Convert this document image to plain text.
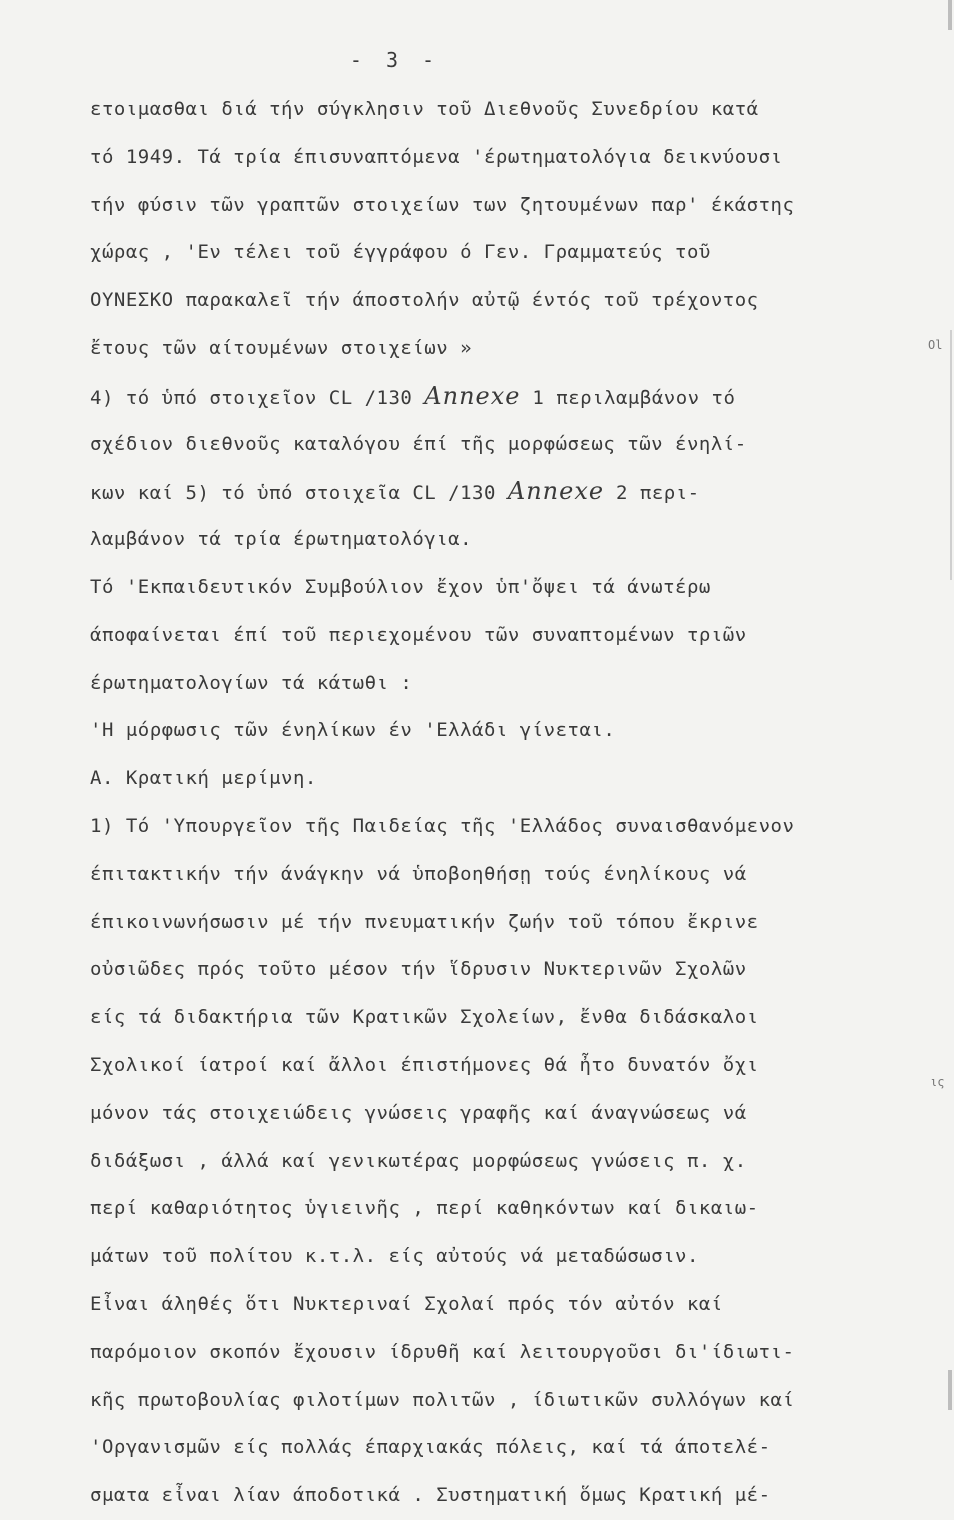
- 3 -
ετοιμασθαι διά τήν σύγκλησιν τοῦ Διεθνοῦς Συνεδρίου κατά
τό 1949. Τά τρία έπισυναπτόμενα 'έρωτηματολόγια δεικνύουσι
τήν φύσιν τῶν γραπτῶν στοιχείων των ζητουμένων παρ' έκάστης
χώρας , 'Εν τέλει τοῦ έγγράφου ό Γεν. Γραμματεύς τοῦ
ΟΥΝΕΣΚΟ παρακαλεῖ τήν άποστολήν αὐτῷ έντός τοῦ τρέχοντος
ἔτους τῶν αίτουμένων στοιχείων »
4) τό ὑπό στοιχεῖον CL /130 Annexe 1 περιλαμβάνον τό
σχέδιον διεθνοῦς καταλόγου έπί τῆς μορφώσεως τῶν ένηλί-
κων καί 5) τό ὑπό στοιχεῖα CL /130 Annexe 2 περι-
λαμβάνον τά τρία έρωτηματολόγια.
Τό 'Εκπαιδευτικόν Συμβούλιον ἔχον ὑπ'ὄψει τά άνωτέρω
άποφαίνεται έπί τοῦ περιεχομένου τῶν συναπτομένων τριῶν
έρωτηματολογίων τά κάτωθι :
'Η μόρφωσις τῶν ένηλίκων έν 'Ελλάδι γίνεται.
Α. Κρατική μερίμνη.
1) Τό 'Υπουργεῖον τῆς Παιδείας τῆς 'Ελλάδος συναισθανόμενον
έπιτακτικήν τήν άνάγκην νά ὑποβοηθήσῃ τούς ένηλίκους νά
έπικοινωνήσωσιν μέ τήν πνευματικήν ζωήν τοῦ τόπου ἔκρινε
οὐσιῶδες πρός τοῦτο μέσον τήν ἵδρυσιν Νυκτερινῶν Σχολῶν
είς τά διδακτήρια τῶν Κρατικῶν Σχολείων, ἔνθα διδάσκαλοι
Σχολικοί ίατροί καί ἄλλοι έπιστήμονες θά ἦτο δυνατόν ὄχι
μόνον τάς στοιχειώδεις γνώσεις γραφῆς καί άναγνώσεως νά
διδάξωσι , άλλά καί γενικωτέρας μορφώσεως γνώσεις π. χ.
περί καθαριότητος ὑγιεινῆς , περί καθηκόντων καί δικαιω-
μάτων τοῦ πολίτου κ.τ.λ. είς αὐτούς νά μεταδώσωσιν.
Εἶναι άληθές ὅτι Νυκτεριναί Σχολαί πρός τόν αὐτόν καί
παρόμοιον σκοπόν ἔχουσιν ίδρυθῆ καί λειτουργοῦσι δι'ίδιωτι-
κῆς πρωτοβουλίας φιλοτίμων πολιτῶν , ίδιωτικῶν συλλόγων καί
'Οργανισμῶν είς πολλάς έπαρχιακάς πόλεις, καί τά άποτελέ-
σματα εἶναι λίαν άποδοτικά . Συστηματική ὅμως Κρατική μέ-
Ol
ις
